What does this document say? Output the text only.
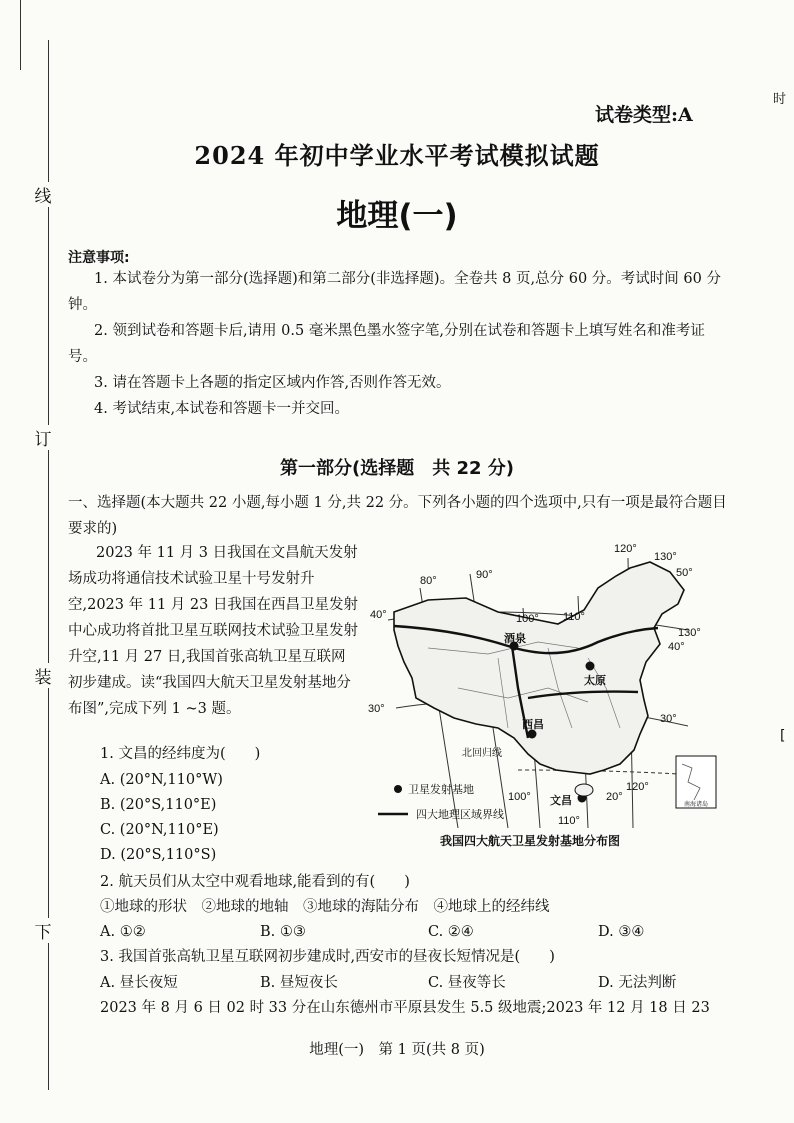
线
订
装
下
时
[
试卷类型:A
2024 年初中学业水平考试模拟试题
地理(一)
注意事项:
1. 本试卷分为第一部分(选择题)和第二部分(非选择题)。全卷共 8 页,总分 60 分。考试时间 60 分钟。
2. 领到试卷和答题卡后,请用 0.5 毫米黑色墨水签字笔,分别在试卷和答题卡上填写姓名和准考证号。
3. 请在答题卡上各题的指定区域内作答,否则作答无效。
4. 考试结束,本试卷和答题卡一并交回。
第一部分(选择题　共 22 分)
一、选择题(本大题共 22 小题,每小题 1 分,共 22 分。下列各小题的四个选项中,只有一项是最符合题目要求的)
2023 年 11 月 3 日我国在文昌航天发射场成功将通信技术试验卫星十号发射升空,2023 年 11 月 23 日我国在西昌卫星发射中心成功将首批卫星互联网技术试验卫星发射升空,11 月 27 日,我国首张高轨卫星互联网初步建成。读“我国四大航天卫星发射基地分布图”,完成下列 1 ~3 题。
80°	90°
100° 110°
120°
130°
100°
110°
120°
50°
40°
40°
30°
30°
20°
130°
酒泉
太原
西昌
文昌
北回归线
卫星发射基地
四大地理区域界线
南海诸岛
我国四大航天卫星发射基地分布图
1. 文昌的经纬度为(　　)
A. (20°N,110°W)
B. (20°S,110°E)
C. (20°N,110°E)
D. (20°S,110°S)
2. 航天员们从太空中观看地球,能看到的有(　　)
①地球的形状　②地球的地轴　③地球的海陆分布　④地球上的经纬线
A. ①②	B. ①③	C. ②④	D. ③④
3. 我国首张高轨卫星互联网初步建成时,西安市的昼夜长短情况是(　　)
A. 昼长夜短	B. 昼短夜长	C. 昼夜等长	D. 无法判断
2023 年 8 月 6 日 02 时 33 分在山东德州市平原县发生 5.5 级地震;2023 年 12 月 18 日 23
地理(一)　第 1 页(共 8 页)
